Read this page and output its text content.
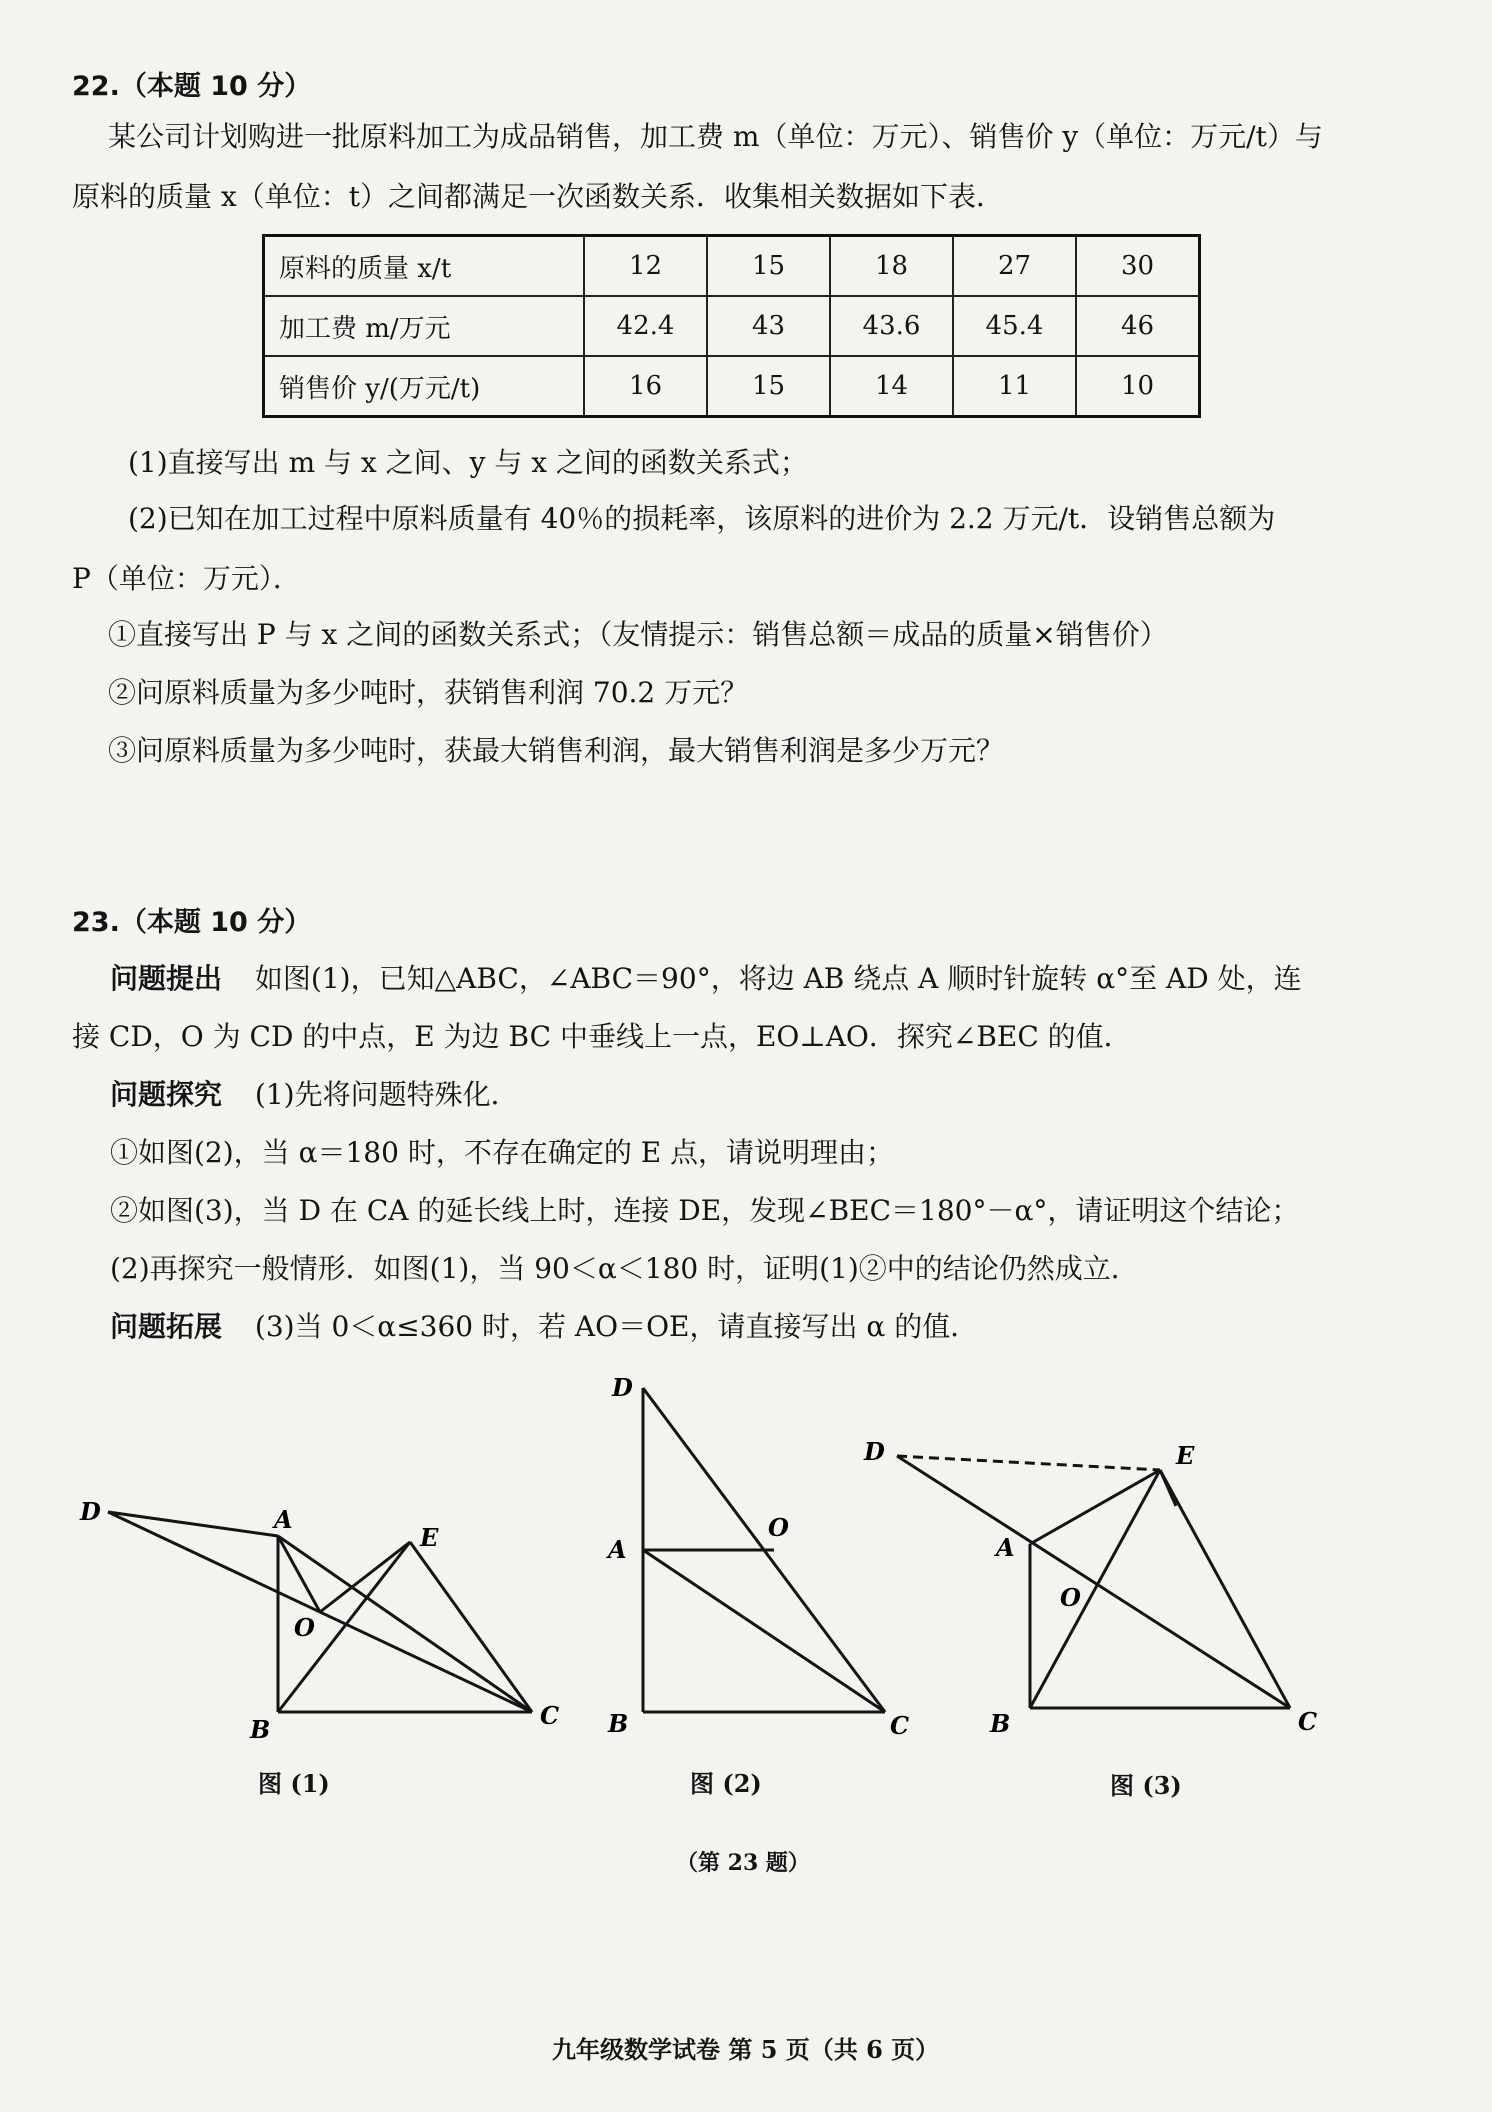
22.（本题 10 分）
某公司计划购进一批原料加工为成品销售，加工费 m（单位：万元）、销售价 y（单位：万元/t）与
原料的质量 x（单位：t）之间都满足一次函数关系．收集相关数据如下表．
原料的质量 x/t	12	15	18	27	30
加工费 m/万元	42.4	43	43.6	45.4	46
销售价 y/(万元/t)	16	15	14	11	10
(1)直接写出 m 与 x 之间、y 与 x 之间的函数关系式；
(2)已知在加工过程中原料质量有 40％的损耗率，该原料的进价为 2.2 万元/t．设销售总额为
P（单位：万元）．
①直接写出 P 与 x 之间的函数关系式；（友情提示：销售总额＝成品的质量×销售价）
②问原料质量为多少吨时，获销售利润 70.2 万元？
③问原料质量为多少吨时，获最大销售利润，最大销售利润是多少万元？
23.（本题 10 分）
问题提出 如图(1)，已知△ABC，∠ABC＝90°，将边 AB 绕点 A 顺时针旋转 α°至 AD 处，连
接 CD，O 为 CD 的中点，E 为边 BC 中垂线上一点，EO⊥AO．探究∠BEC 的值．
问题探究 (1)先将问题特殊化．
①如图(2)，当 α＝180 时，不存在确定的 E 点，请说明理由；
②如图(3)，当 D 在 CA 的延长线上时，连接 DE，发现∠BEC＝180°－α°，请证明这个结论；
(2)再探究一般情形．如图(1)，当 90＜α＜180 时，证明(1)②中的结论仍然成立．
问题拓展 (3)当 0＜α≤360 时，若 AO＝OE，请直接写出 α 的值．
D	A
E
O
B	C
D
A
O
B	C
D	E
A
O
B	C
图 (1)	图 (2)	图 (3)
（第 23 题）
九年级数学试卷 第 5 页（共 6 页）
